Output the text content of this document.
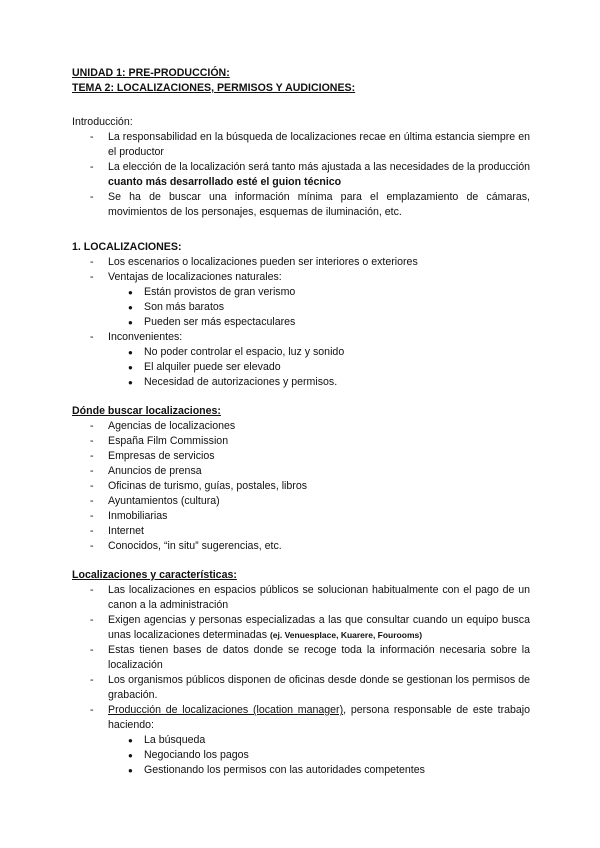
UNIDAD 1: PRE-PRODUCCIÓN:

TEMA 2: LOCALIZACIONES, PERMISOS Y AUDICIONES:

Introducción:
- La responsabilidad en la búsqueda de localizaciones recae en última estancia siempre en el productor
- La elección de la localización será tanto más ajustada a las necesidades de la producción cuanto más desarrollado esté el guion técnico
- Se ha de buscar una información mínima para el emplazamiento de cámaras, movimientos de los personajes, esquemas de iluminación, etc.
1. LOCALIZACIONES:
- Los escenarios o localizaciones pueden ser interiores o exteriores
- Ventajas de localizaciones naturales:
● Están provistos de gran verismo
● Son más baratos
● Pueden ser más espectaculares
- Inconvenientes:
● No poder controlar el espacio, luz y sonido
● El alquiler puede ser elevado
● Necesidad de autorizaciones y permisos.
Dónde buscar localizaciones:
- Agencias de localizaciones
- España Film Commission
- Empresas de servicios
- Anuncios de prensa
- Oficinas de turismo, guías, postales, libros
- Ayuntamientos (cultura)
- Inmobiliarias
- Internet
- Conocidos, “in situ” sugerencias, etc.
Localizaciones y características:
- Las localizaciones en espacios públicos se solucionan habitualmente con el pago de un canon a la administración
- Exigen agencias y personas especializadas a las que consultar cuando un equipo busca unas localizaciones determinadas (ej. Venuesplace, Kuarere, Fourooms)
- Estas tienen bases de datos donde se recoge toda la información necesaria sobre la localización
- Los organismos públicos disponen de oficinas desde donde se gestionan los permisos de grabación.
- Producción de localizaciones (location manager), persona responsable de este trabajo haciendo:
● La búsqueda
● Negociando los pagos
● Gestionando los permisos con las autoridades competentes
